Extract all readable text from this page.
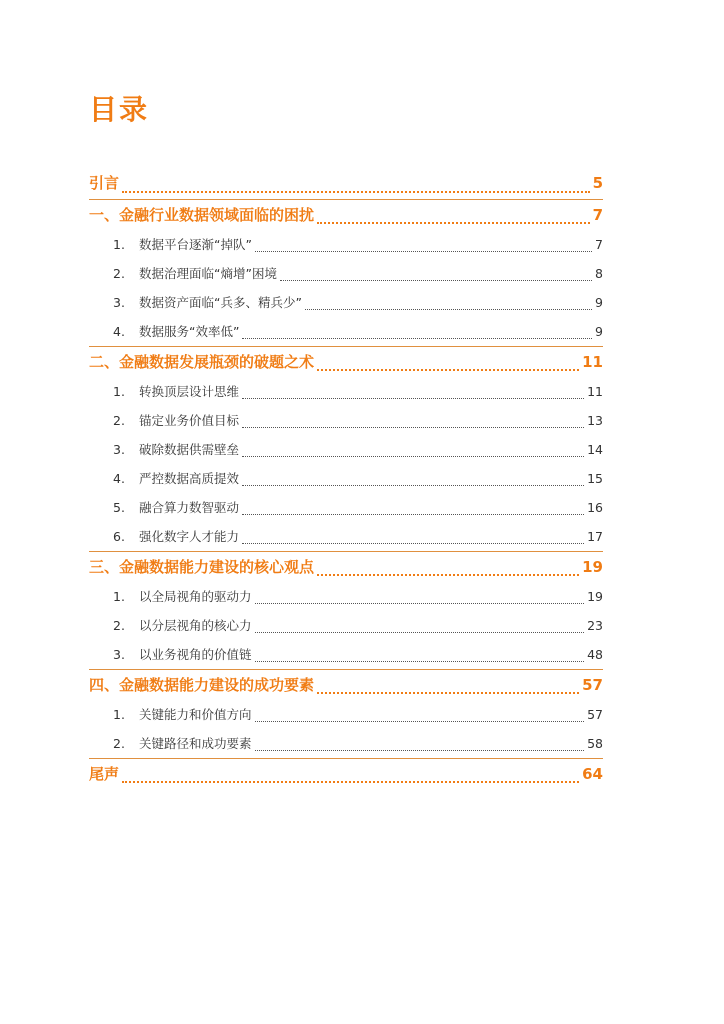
目录
引言	5
一、金融行业数据领域面临的困扰	7
1.	数据平台逐渐“掉队”	7
2.	数据治理面临“熵增”困境	8
3.	数据资产面临“兵多、精兵少”	9
4.	数据服务“效率低”	9
二、金融数据发展瓶颈的破题之术	11
1.	转换顶层设计思维	11
2.	锚定业务价值目标	13
3.	破除数据供需壁垒	14
4.	严控数据高质提效	15
5.	融合算力数智驱动	16
6.	强化数字人才能力	17
三、金融数据能力建设的核心观点	19
1.	以全局视角的驱动力	19
2.	以分层视角的核心力	23
3.	以业务视角的价值链	48
四、金融数据能力建设的成功要素	57
1.	关键能力和价值方向	57
2.	关键路径和成功要素	58
尾声	64
